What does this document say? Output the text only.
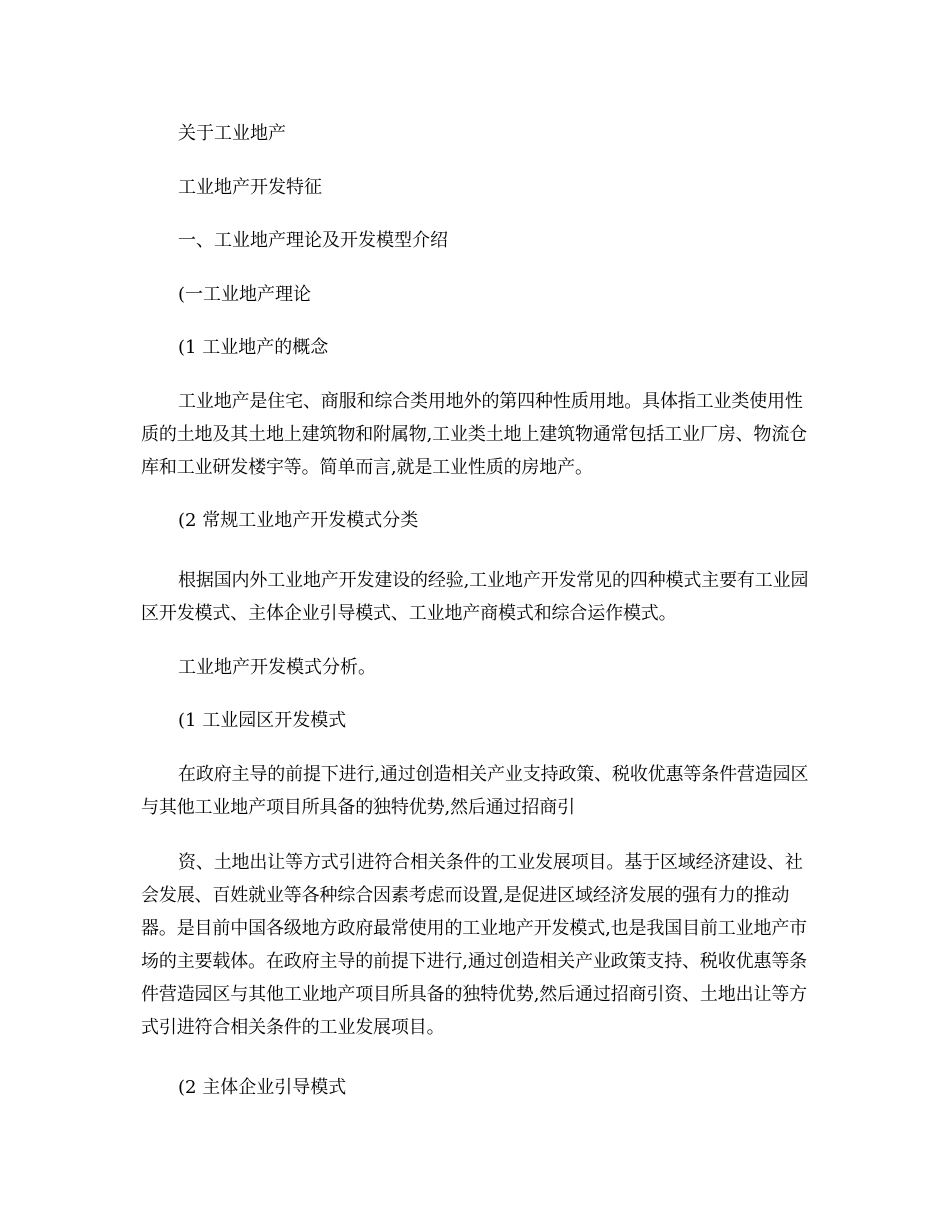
关于工业地产

工业地产开发特征

一、工业地产理论及开发模型介绍

(一工业地产理论

(1 工业地产的概念

工业地产是住宅、商服和综合类用地外的第四种性质用地。具体指工业类使用性质的土地及其土地上建筑物和附属物,工业类土地上建筑物通常包括工业厂房、物流仓库和工业研发楼宇等。简单而言,就是工业性质的房地产。

(2 常规工业地产开发模式分类

根据国内外工业地产开发建设的经验,工业地产开发常见的四种模式主要有工业园区开发模式、主体企业引导模式、工业地产商模式和综合运作模式。

工业地产开发模式分析。

(1 工业园区开发模式

在政府主导的前提下进行,通过创造相关产业支持政策、税收优惠等条件营造园区与其他工业地产项目所具备的独特优势,然后通过招商引

资、土地出让等方式引进符合相关条件的工业发展项目。基于区域经济建设、社会发展、百姓就业等各种综合因素考虑而设置,是促进区域经济发展的强有力的推动器。是目前中国各级地方政府最常使用的工业地产开发模式,也是我国目前工业地产市场的主要载体。在政府主导的前提下进行,通过创造相关产业政策支持、税收优惠等条件营造园区与其他工业地产项目所具备的独特优势,然后通过招商引资、土地出让等方式引进符合相关条件的工业发展项目。

(2 主体企业引导模式
